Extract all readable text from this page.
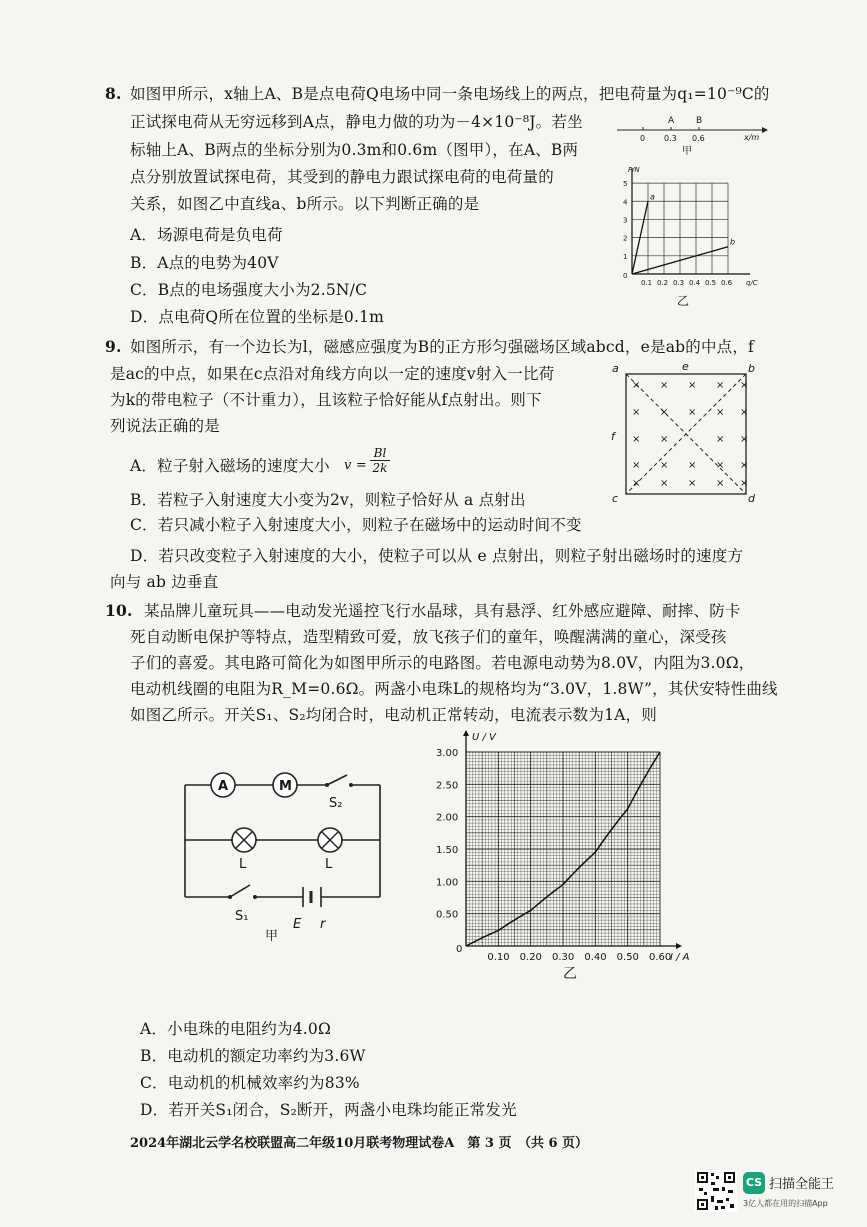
8. 如图甲所示，x轴上A、B是点电荷Q电场中同一条电场线上的两点，把电荷量为q₁=10⁻⁹C的
正试探电荷从无穷远移到A点，静电力做的功为－4×10⁻⁸J。若坐
标轴上A、B两点的坐标分别为0.3m和0.6m（图甲），在A、B两
点分别放置试探电荷，其受到的静电力跟试探电荷的电荷量的
关系，如图乙中直线a、b所示。以下判断正确的是
A．场源电荷是负电荷
B．A点的电势为40V
C．B点的电场强度大小为2.5N/C
D．点电荷Q所在位置的坐标是0.1m
A B
0 0.3 0.6	x/m
甲
0.1 0.2 0.3 0.4 0.5 0.6
1
2
3
4
5
0
F/N
q/C
a
b
乙
9. 如图所示，有一个边长为l，磁感应强度为B的正方形匀强磁场区域abcd，e是ab的中点，f
是ac的中点，如果在c点沿对角线方向以一定的速度v射入一比荷
为k的带电粒子（不计重力），且该粒子恰好能从f点射出。则下
列说法正确的是
A．粒子射入磁场的速度大小 $v = \frac{Bl}{2k}$
B．若粒子入射速度大小变为2v，则粒子恰好从 a 点射出
C．若只减小粒子入射速度大小，则粒子在磁场中的运动时间不变
D．若只改变粒子入射速度的大小，使粒子可以从 e 点射出，则粒子射出磁场时的速度方
向与 ab 边垂直
× × × × ×
× × × × ×
× ×	× ×
× × × × ×
× × × × ×
a	b
c	d
e
f
10. 某品牌儿童玩具——电动发光遥控飞行水晶球，具有悬浮、红外感应避障、耐摔、防卡
死自动断电保护等特点，造型精致可爱，放飞孩子们的童年，唤醒满满的童心，深受孩
子们的喜爱。其电路可简化为如图甲所示的电路图。若电源电动势为8.0V，内阻为3.0Ω，
电动机线圈的电阻为R_M=0.6Ω。两盏小电珠L的规格均为“3.0V，1.8W”，其伏安特性曲线
如图乙所示。开关S₁、S₂均闭合时，电动机正常转动，电流表示数为1A，则
A	M
S₂
L	L
S₁
E r
甲
0.10 0.20 0.30 0.40 0.50 0.60
0.50
1.00
1.50
2.00
2.50
3.00
0
U / V
I / A
乙
A．小电珠的电阻约为4.0Ω
B．电动机的额定功率约为3.6W
C．电动机的机械效率约为83%
D．若开关S₁闭合，S₂断开，两盏小电珠均能正常发光
2024年湖北云学名校联盟高二年级10月联考物理试卷A　第 3 页　（共 6 页）
CS 扫描全能王
3亿人都在用的扫描App
